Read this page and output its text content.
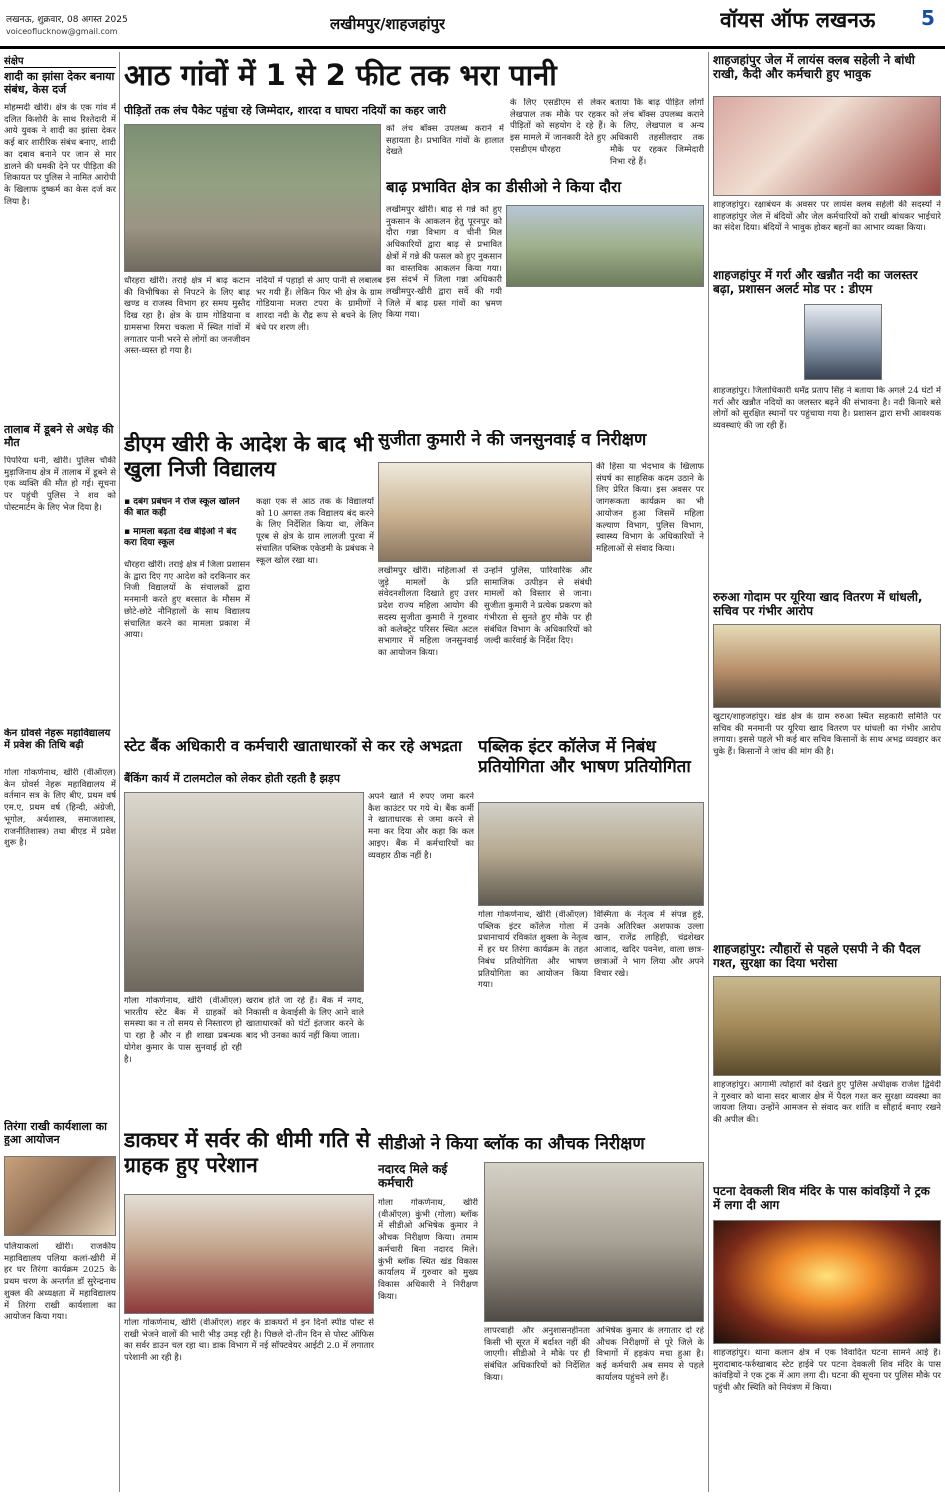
लखनऊ, शुक्रवार, 08 अगस्त 2025
voiceoflucknow@gmail.com	लखीमपुर/शाहजहांपुर	वॉयस ऑफ लखनऊ 5
संक्षेप
शादी का झांसा देकर बनाया संबंध, केस दर्ज
मोहम्मदी खीरी। क्षेत्र के एक गांव में दलित किशोरी के साथ रिश्तेदारी में आये युवक ने शादी का झांसा देकर कई बार शारीरिक संबंध बनाए, शादी का दबाव बनाने पर जान से मार डालने की धमकी देने पर पीड़िता की शिकायत पर पुलिस ने नामित आरोपी के खिलाफ दुष्कर्म का केस दर्ज कर लिया है।
तालाब में डूबने से अधेड़ की मौत
पिपरिया धनी, खीरी। पुलिस चौकी मुड़ाजिनाथ क्षेत्र में तालाब में डूबने से एक व्यक्ति की मौत हो गई। सूचना पर पहुंची पुलिस ने शव को पोस्टमार्टम के लिए भेज दिया है।
केन ग्रोवर्स नेहरू महाविद्यालय में प्रवेश की तिथि बढ़ी
गोला गोकर्णनाथ, खीरी (वीऑएल) केन ग्रोवर्स नेहरू महाविद्यालय में वर्तमान सत्र के लिए बीए, प्रथम वर्ष एम.ए, प्रथम वर्ष (हिन्दी, अंग्रेजी, भूगोल, अर्थशास्त्र, समाजशास्त्र, राजनीतिशास्त्र) तथा बीएड में प्रवेश शुरू है।
तिरंगा राखी कार्यशाला का हुआ आयोजन
पलियाकलां खीरी। राजकीय महाविद्यालय पलिया कलां-खीरी में हर घर तिरंगा कार्यक्रम 2025 के प्रथम चरण के अन्तर्गत डॉ सुरेन्द्रनाथ शुक्ल की अध्यक्षता में महाविद्यालय में तिरंगा राखी कार्यशाला का आयोजन किया गया।
आठ गांवों में 1 से 2 फीट तक भरा पानी
पीड़ितों तक लंच पैकेट पहुंचा रहे जिम्मेदार, शारदा व घाघरा नदियों का कहर जारी
धौरहरा खीरी। तराई क्षेत्र में बाढ़ कटान की विभीषिका से निपटने के लिए बाढ़ खण्ड व राजस्व विभाग हर समय मुस्तैद दिख रहा है। क्षेत्र के ग्राम गोडियाना व ग्रामसभा रिमरा चकला में स्थित गांवों में लगातार पानी भरने से लोगों का जनजीवन अस्त-व्यस्त हो गया है।
नदियों में पहाड़ों से आए पानी से लबालब भर गयी हैं। लेकिन फिर भी क्षेत्र के ग्राम गोडियाना मजरा टपरा के ग्रामीणों ने शारदा नदी के रौद्र रूप से बचने के लिए बंधे पर शरण ली।
को लंच बॉक्स उपलब्ध कराने में सहायता है। प्रभावित गांवों के हालात देखते
के लिए एसडीएम से लेकर लेखपाल तक मौके पर रहकर पीड़ितों को सहयोग दे रहे हैं। इस मामले में जानकारी देते हुए एसडीएम धौरहरा
बताया कि बाढ़ पीड़ित लोगों को लंच बॉक्स उपलब्ध कराने के लिए, लेखपाल व अन्य अधिकारी तहसीलदार तक मौके पर रहकर जिम्मेदारी निभा रहे हैं।
बाढ़ प्रभावित क्षेत्र का डीसीओ ने किया दौरा
लखीमपुर खीरी। बाढ़ से गन्ने को हुए नुकसान के आकलन हेतु पूरनपुर को दौरा गन्ना विभाग व चीनी मिल अधिकारियों द्वारा बाढ़ से प्रभावित क्षेत्रों में गन्ने की फसल को हुए नुकसान का वास्तविक आकलन किया गया। इस संदर्भ में जिला गन्ना अधिकारी लखीमपुर-खीरी द्वारा सर्वे की गयी जिले में बाढ़ ग्रस्त गांवों का भ्रमण किया गया।
डीएम खीरी के आदेश के बाद भी खुला निजी विद्यालय
▪ दबंग प्रबंधन ने रोज स्कूल खोलने की बात कही
▪ मामला बढ़ता देख बीईओ ने बंद करा दिया स्कूल
धौरहरा खीरी। तराई क्षेत्र में जिला प्रशासन के द्वारा दिए गए आदेश को दरकिनार कर निजी विद्यालयों के संचालकों द्वारा मनमानी करते हुए बरसात के मौसम में छोटे-छोटे नौनिहालों के साथ विद्यालय संचालित करने का मामला प्रकाश में आया।
कक्षा एक से आठ तक के विद्यालयों को 10 अगस्त तक विद्यालय बंद करने के लिए निर्देशित किया था, लेकिन पूरब से क्षेत्र के ग्राम लालजी पुरवा में संचालित पब्लिक एकेडमी के प्रबंधक ने स्कूल खोल रखा था।
सुजीता कुमारी ने की जनसुनवाई व निरीक्षण
लखीमपुर खीरी। महिलाओं से जुड़े मामलों के प्रति संवेदनशीलता दिखाते हुए उत्तर प्रदेश राज्य महिला आयोग की सदस्य सुजीता कुमारी ने गुरुवार को कलेक्ट्रेट परिसर स्थित अटल सभागार में महिला जनसुनवाई का आयोजन किया।
उन्होंने पुलिस, पारिवारिक और सामाजिक उत्पीड़न से संबंधी मामलों को विस्तार से जाना। सुजीता कुमारी ने प्रत्येक प्रकरण को गंभीरता से सुनते हुए मौके पर ही संबंधित विभाग के अधिकारियों को जल्दी कार्रवाई के निर्देश दिए।
की हिंसा या भेदभाव के खिलाफ संघर्ष का साहसिक कदम उठाने के लिए प्रेरित किया। इस अवसर पर जागरूकता कार्यक्रम का भी आयोजन हुआ जिसमें महिला कल्याण विभाग, पुलिस विभाग, स्वास्थ्य विभाग के अधिकारियों ने महिलाओं से संवाद किया।
स्टेट बैंक अधिकारी व कर्मचारी खाताधारकों से कर रहे अभद्रता
बैंकिंग कार्य में टालमटोल को लेकर होती रहती है झड़प
गोला गोकर्णनाथ, खीरी (वीऑएल) भारतीय स्टेट बैंक में ग्राहकों को समस्या का न तो समय से निस्तारण हो पा रहा है और न ही शाखा प्रबन्धक योगेश कुमार के पास सुनवाई हो रही है।
खराब होते जा रहे हैं। बैंक में नगद, निकासी व केवाईसी के लिए आने वाले खाताधारकों को घंटों इंतजार करने के बाद भी उनका कार्य नहीं किया जाता।
अपने खाते में रुपए जमा करने कैश काउंटर पर गये थे। बैंक कर्मी ने खाताधारक से जमा करने से मना कर दिया और कहा कि कल आइए। बैंक में कर्मचारियों का व्यवहार ठीक नहीं है।
पब्लिक इंटर कॉलेज में निबंध प्रतियोगिता और भाषण प्रतियोगिता
गोला गोकर्णनाथ, खीरी (वीऑएल) पब्लिक इंटर कॉलेज गोला में प्रधानाचार्य रविकांत शुक्ला के नेतृत्व में हर घर तिरंगा कार्यक्रम के तहत निबंध प्रतियोगिता और भाषण प्रतियोगिता का आयोजन किया गया।
विस्मिता के नेतृत्व में संपन्न हुई, उनके अतिरिक्त अशफाक उल्ला खान, राजेंद्र लाहिड़ी, चंद्रशेखर आजाद, खदिर पवनेश, वाला छात्र-छात्राओं ने भाग लिया और अपने विचार रखे।
डाकघर में सर्वर की धीमी गति से ग्राहक हुए परेशान
गोला गोकर्णनाथ, खीरी (वीऑएल) शहर के डाकघरों में इन दिनों स्पीड पोस्ट से राखी भेजने वालों की भारी भीड़ उमड़ रही है। पिछले दो-तीन दिन से पोस्ट ऑफिस का सर्वर डाउन चल रहा था। डाक विभाग में नई सॉफ्टवेयर आईटी 2.0 में लगातार परेशानी आ रही है।
सीडीओ ने किया ब्लॉक का औचक निरीक्षण
नदारद मिले कई कर्मचारी
गोला गोकर्णनाथ, खीरी (वीऑएल) कुंभी (गोला) ब्लॉक में सीडीओ अभिषेक कुमार ने औचक निरीक्षण किया। तमाम कर्मचारी बिना नदारद मिले। कुंभी ब्लॉक स्थित खंड विकास कार्यालय में गुरुवार को मुख्य विकास अधिकारी ने निरीक्षण किया।
लापरवाही और अनुशासनहीनता किसी भी सूरत में बर्दाश्त नहीं की जाएगी। सीडीओ ने मौके पर ही संबंधित अधिकारियों को निर्देशित किया।
अभिषेक कुमार के लगातार दो रहे औचक निरीक्षणों से पूरे जिले के विभागों में हड़कंप मचा हुआ है। कई कर्मचारी अब समय से पहले कार्यालय पहुंचने लगे हैं।
शाहजहांपुर जेल में लायंस क्लब सहेली ने बांधी राखी, कैदी और कर्मचारी हुए भावुक
शाहजहांपुर। रक्षाबंधन के अवसर पर लायंस क्लब सहेली की सदस्यों ने शाहजहांपुर जेल में बंदियों और जेल कर्मचारियों को राखी बांधकर भाईचारे का संदेश दिया। बंदियों ने भावुक होकर बहनों का आभार व्यक्त किया।
शाहजहांपुर में गर्रा और खन्नौत नदी का जलस्तर बढ़ा, प्रशासन अलर्ट मोड पर : डीएम
शाहजहांपुर। जिलाधिकारी धर्मेंद्र प्रताप सिंह ने बताया कि अगले 24 घंटों में गर्रा और खन्नौत नदियों का जलस्तर बढ़ने की संभावना है। नदी किनारे बसे लोगों को सुरक्षित स्थानों पर पहुंचाया गया है। प्रशासन द्वारा सभी आवश्यक व्यवस्थाएं की जा रही हैं।
रुरुआ गोदाम पर यूरिया खाद वितरण में धांधली, सचिव पर गंभीर आरोप
खुटार/शाहजहांपुर। खंड क्षेत्र के ग्राम रुरुआ स्थित सहकारी समिति पर सचिव की मनमानी पर यूरिया खाद वितरण पर धांधली का गंभीर आरोप लगाया। इससे पहले भी कई बार सचिव किसानों के साथ अभद्र व्यवहार कर चुके हैं। किसानों ने जांच की मांग की है।
शाहजहांपुर: त्यौहारों से पहले एसपी ने की पैदल गश्त, सुरक्षा का दिया भरोसा
शाहजहांपुर। आगामी त्योहारों को देखते हुए पुलिस अधीक्षक राजेश द्विवेदी ने गुरुवार को थाना सदर बाजार क्षेत्र में पैदल गश्त कर सुरक्षा व्यवस्था का जायजा लिया। उन्होंने आमजन से संवाद कर शांति व सौहार्द बनाए रखने की अपील की।
पटना देवकली शिव मंदिर के पास कांवड़ियों ने ट्रक में लगा दी आग
शाहजहांपुर। थाना कलान क्षेत्र में एक विवादित घटना सामने आई है। मुरादाबाद-फर्रुखाबाद स्टेट हाईवे पर पटना देवकली शिव मंदिर के पास कांवड़ियों ने एक ट्रक में आग लगा दी। घटना की सूचना पर पुलिस मौके पर पहुंची और स्थिति को नियंत्रण में किया।
